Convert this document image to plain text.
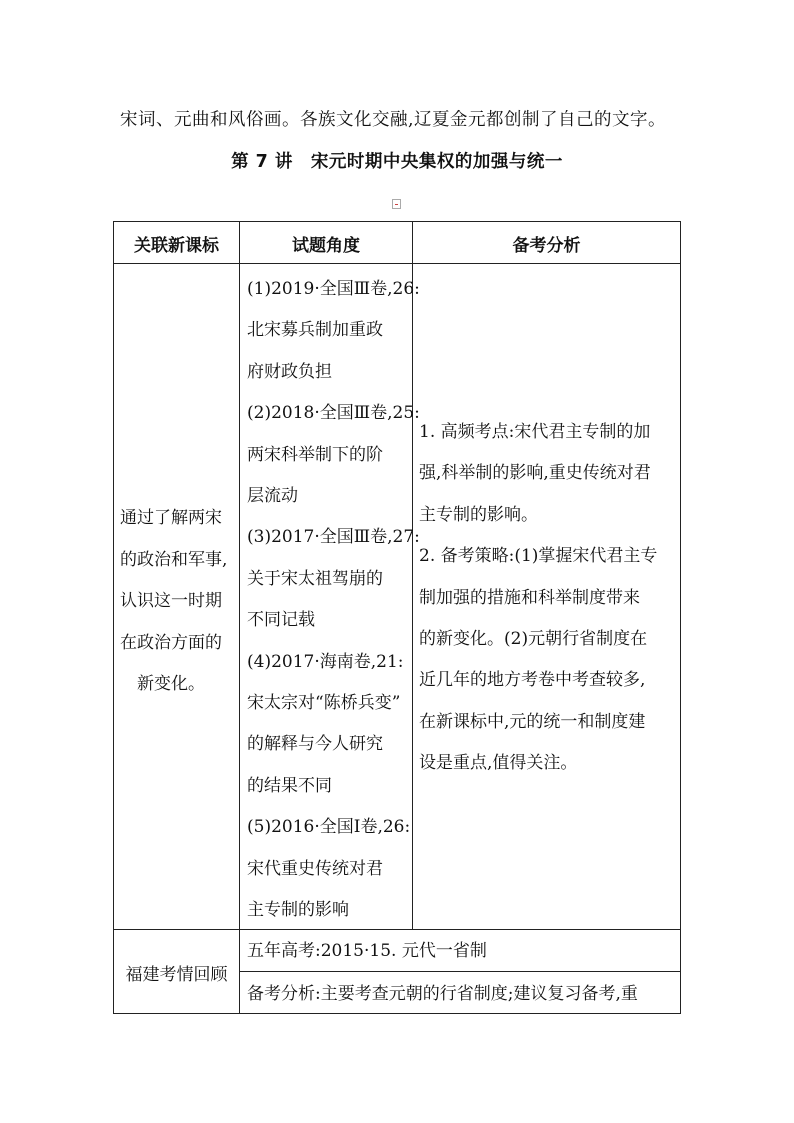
宋词、元曲和风俗画。各族文化交融,辽夏金元都创制了自己的文字。
第 7 讲　宋元时期中央集权的加强与统一
关联新课标	试题角度	备考分析
通过了解两宋
的政治和军事,
认识这一时期
在政治方面的
　新变化。
(1)2019·全国Ⅲ卷,26:
北宋募兵制加重政
府财政负担
(2)2018·全国Ⅲ卷,25:
两宋科举制下的阶
层流动
(3)2017·全国Ⅲ卷,27:
关于宋太祖驾崩的
不同记载
(4)2017·海南卷,21:
宋太宗对“陈桥兵变”
的解释与今人研究
的结果不同
(5)2016·全国Ⅰ卷,26:
宋代重史传统对君
主专制的影响
1. 高频考点:宋代君主专制的加
强,科举制的影响,重史传统对君
主专制的影响。
2. 备考策略:(1)掌握宋代君主专
制加强的措施和科举制度带来
的新变化。(2)元朝行省制度在
近几年的地方考卷中考查较多,
在新课标中,元的统一和制度建
设是重点,值得关注。
福建考情回顾
五年高考:2015·15. 元代一省制
备考分析:主要考查元朝的行省制度;建议复习备考,重
